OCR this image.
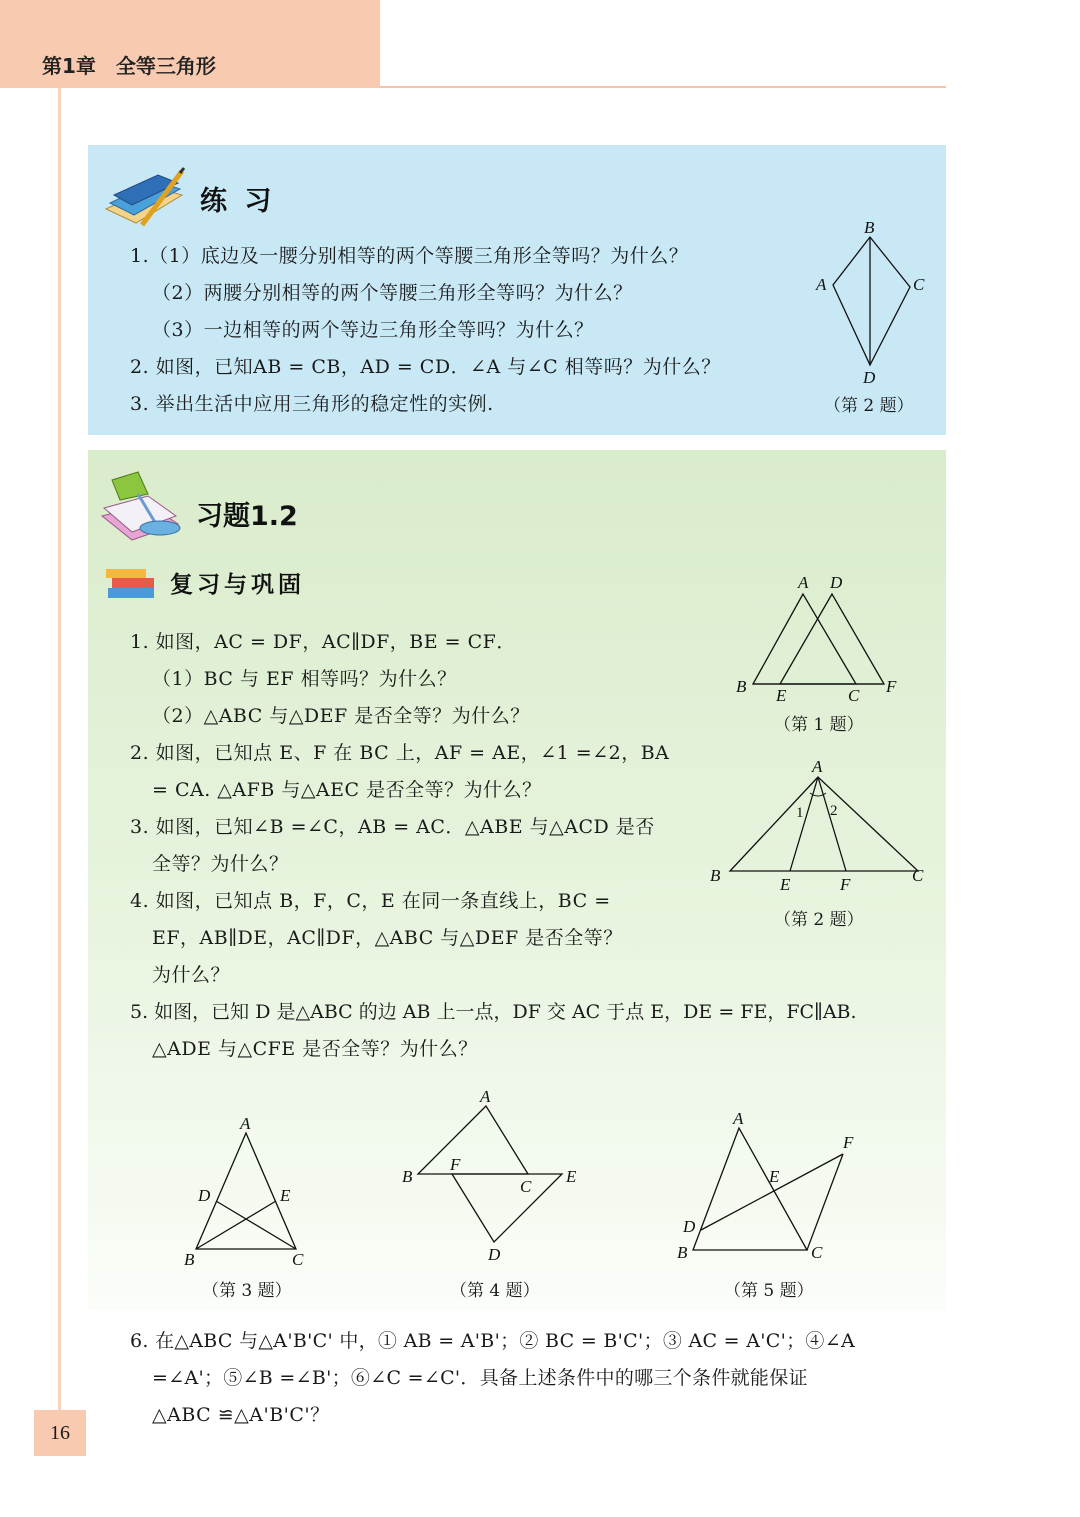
第1章 全等三角形
16
练 习
1.（1）底边及一腰分别相等的两个等腰三角形全等吗？为什么？
（2）两腰分别相等的两个等腰三角形全等吗？为什么？
（3）一边相等的两个等边三角形全等吗？为什么？
2. 如图，已知AB = CB，AD = CD．∠A 与∠C 相等吗？为什么？
3. 举出生活中应用三角形的稳定性的实例.
B
A	C
D
（第 2 题）
习题1.2
复习与巩固
1. 如图，AC = DF，AC∥DF，BE = CF．
（1）BC 与 EF 相等吗？为什么？
（2）△ABC 与△DEF 是否全等？为什么？
2. 如图，已知点 E、F 在 BC 上，AF = AE，∠1 =∠2，BA
= CA. △AFB 与△AEC 是否全等？为什么？
3. 如图，已知∠B =∠C，AB = AC．△ABE 与△ACD 是否
全等？为什么？
4. 如图，已知点 B，F，C，E 在同一条直线上，BC =
EF，AB∥DE，AC∥DF，△ABC 与△DEF 是否全等？
为什么？
5. 如图，已知 D 是△ABC 的边 AB 上一点，DF 交 AC 于点 E，DE = FE，FC∥AB.
△ADE 与△CFE 是否全等？为什么？
A D
B E	C F
（第 1 题）
A
1 2
B	E	F	C
（第 2 题）
A
D	E
B	C
（第 3 题）
A
B
F
C
E
D
（第 4 题）
A
F
E
D
B	C
（第 5 题）
6. 在△ABC 与△A'B'C' 中，① AB = A'B'；② BC = B'C'；③ AC = A'C'；④∠A
=∠A'；⑤∠B =∠B'；⑥∠C =∠C'．具备上述条件中的哪三个条件就能保证
△ABC ≌△A'B'C'？
